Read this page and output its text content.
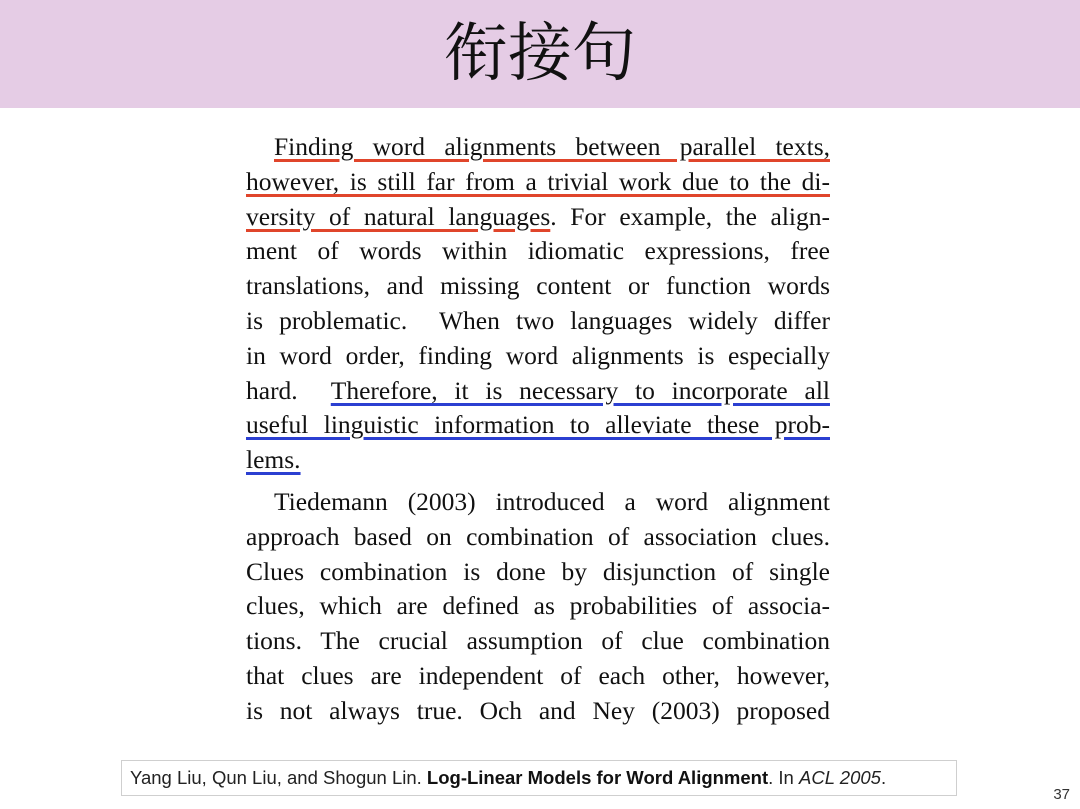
衔接句
Finding word alignments between parallel texts,
however, is still far from a trivial work due to the di-
versity of natural languages. For example, the align-
ment of words within idiomatic expressions, free
translations, and missing content or function words
is problematic.  When two languages widely differ
in word order, finding word alignments is especially
hard.  Therefore, it is necessary to incorporate all
useful linguistic information to alleviate these prob-
lems.
Tiedemann (2003) introduced a word alignment
approach based on combination of association clues.
Clues combination is done by disjunction of single
clues, which are defined as probabilities of associa-
tions. The crucial assumption of clue combination
that clues are independent of each other, however,
is not always true. Och and Ney (2003) proposed
Yang Liu, Qun Liu, and Shogun Lin. Log-Linear Models for Word Alignment. In ACL 2005.
37
